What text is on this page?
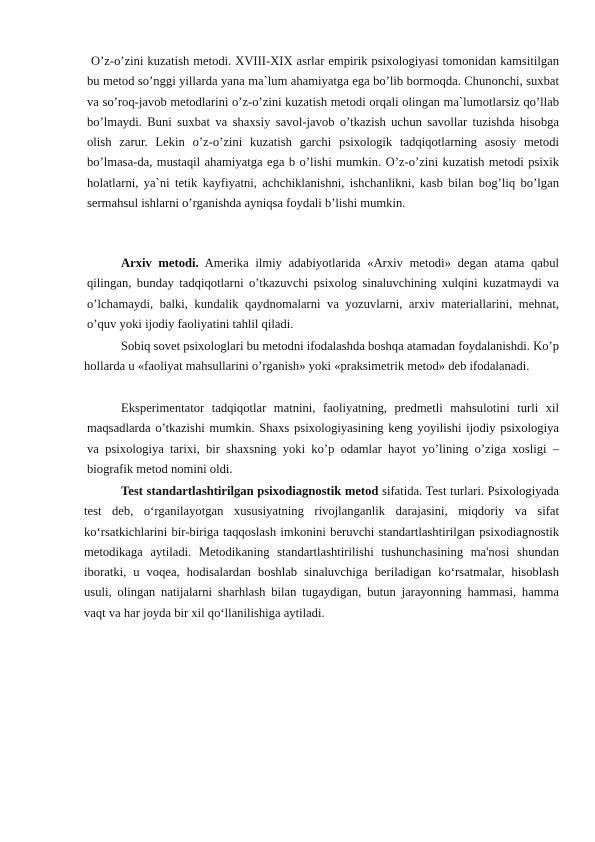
O’z-o’zini kuzatish metodi. XVIII-XIX asrlar empirik psixologiyasi tomonidan kamsitilgan bu metod so’nggi yillarda yana ma`lum ahamiyatga ega bo’lib bormoqda. Chunonchi, suxbat va so’roq-javob metodlarini o’z-o’zini kuzatish metodi orqali olingan ma`lumotlarsiz qo’llab bo’lmaydi. Buni suxbat va shaxsiy savol-javob o’tkazish uchun savollar tuzishda hisobga olish zarur. Lekin o’z-o’zini kuzatish garchi psixologik tadqiqotlarning asosiy metodi bo’lmasa-da, mustaqil ahamiyatga ega b o’lishi mumkin. O’z-o’zini kuzatish metodi psixik holatlarni, ya`ni tetik kayfiyatni, achchiklanishni, ishchanlikni, kasb bilan bog’liq bo’lgan sermahsul ishlarni o’rganishda ayniqsa foydali b’lishi mumkin.

Arxiv metodi. Amerika ilmiy adabiyotlarida «Arxiv metodi» degan atama qabul qilingan, bunday tadqiqotlarni o’tkazuvchi psixolog sinaluvchining xulqini kuzatmaydi va o’lchamaydi, balki, kundalik qaydnomalarni va yozuvlarni, arxiv materiallarini, mehnat, o’quv yoki ijodiy faoliyatini tahlil qiladi.

Sobiq sovet psixologlari bu metodni ifodalashda boshqa atamadan foydalanishdi. Ko’p hollarda u «faoliyat mahsullarini o’rganish» yoki «praksimetrik metod» deb ifodalanadi.

Eksperimentator tadqiqotlar matnini, faoliyatning, predmetli mahsulotini turli xil maqsadlarda o’tkazishi mumkin. Shaxs psixologiyasining keng yoyilishi ijodiy psixologiya va psixologiya tarixi, bir shaxsning yoki ko’p odamlar hayot yo’lining o’ziga xosligi – biografik metod nomini oldi.

Test standartlashtirilgan psixodiagnostik metod sifatida. Test turlari. Psixologiyada test deb, o‘rganilayotgan xususiyatning rivojlanganlik darajasini, miqdoriy va sifat ko‘rsatkichlarini bir-biriga taqqoslash imkonini beruvchi standartlashtirilgan psixodiagnostik metodikaga aytiladi. Metodikaning standartlashtirilishi tushunchasining ma'nosi shundan iboratki, u voqea, hodisalardan boshlab sinaluvchiga beriladigan ko‘rsatmalar, hisoblash usuli, olingan natijalarni sharhlash bilan tugaydigan, butun jarayonning hammasi, hamma vaqt va har joyda bir xil qo‘llanilishiga aytiladi.
